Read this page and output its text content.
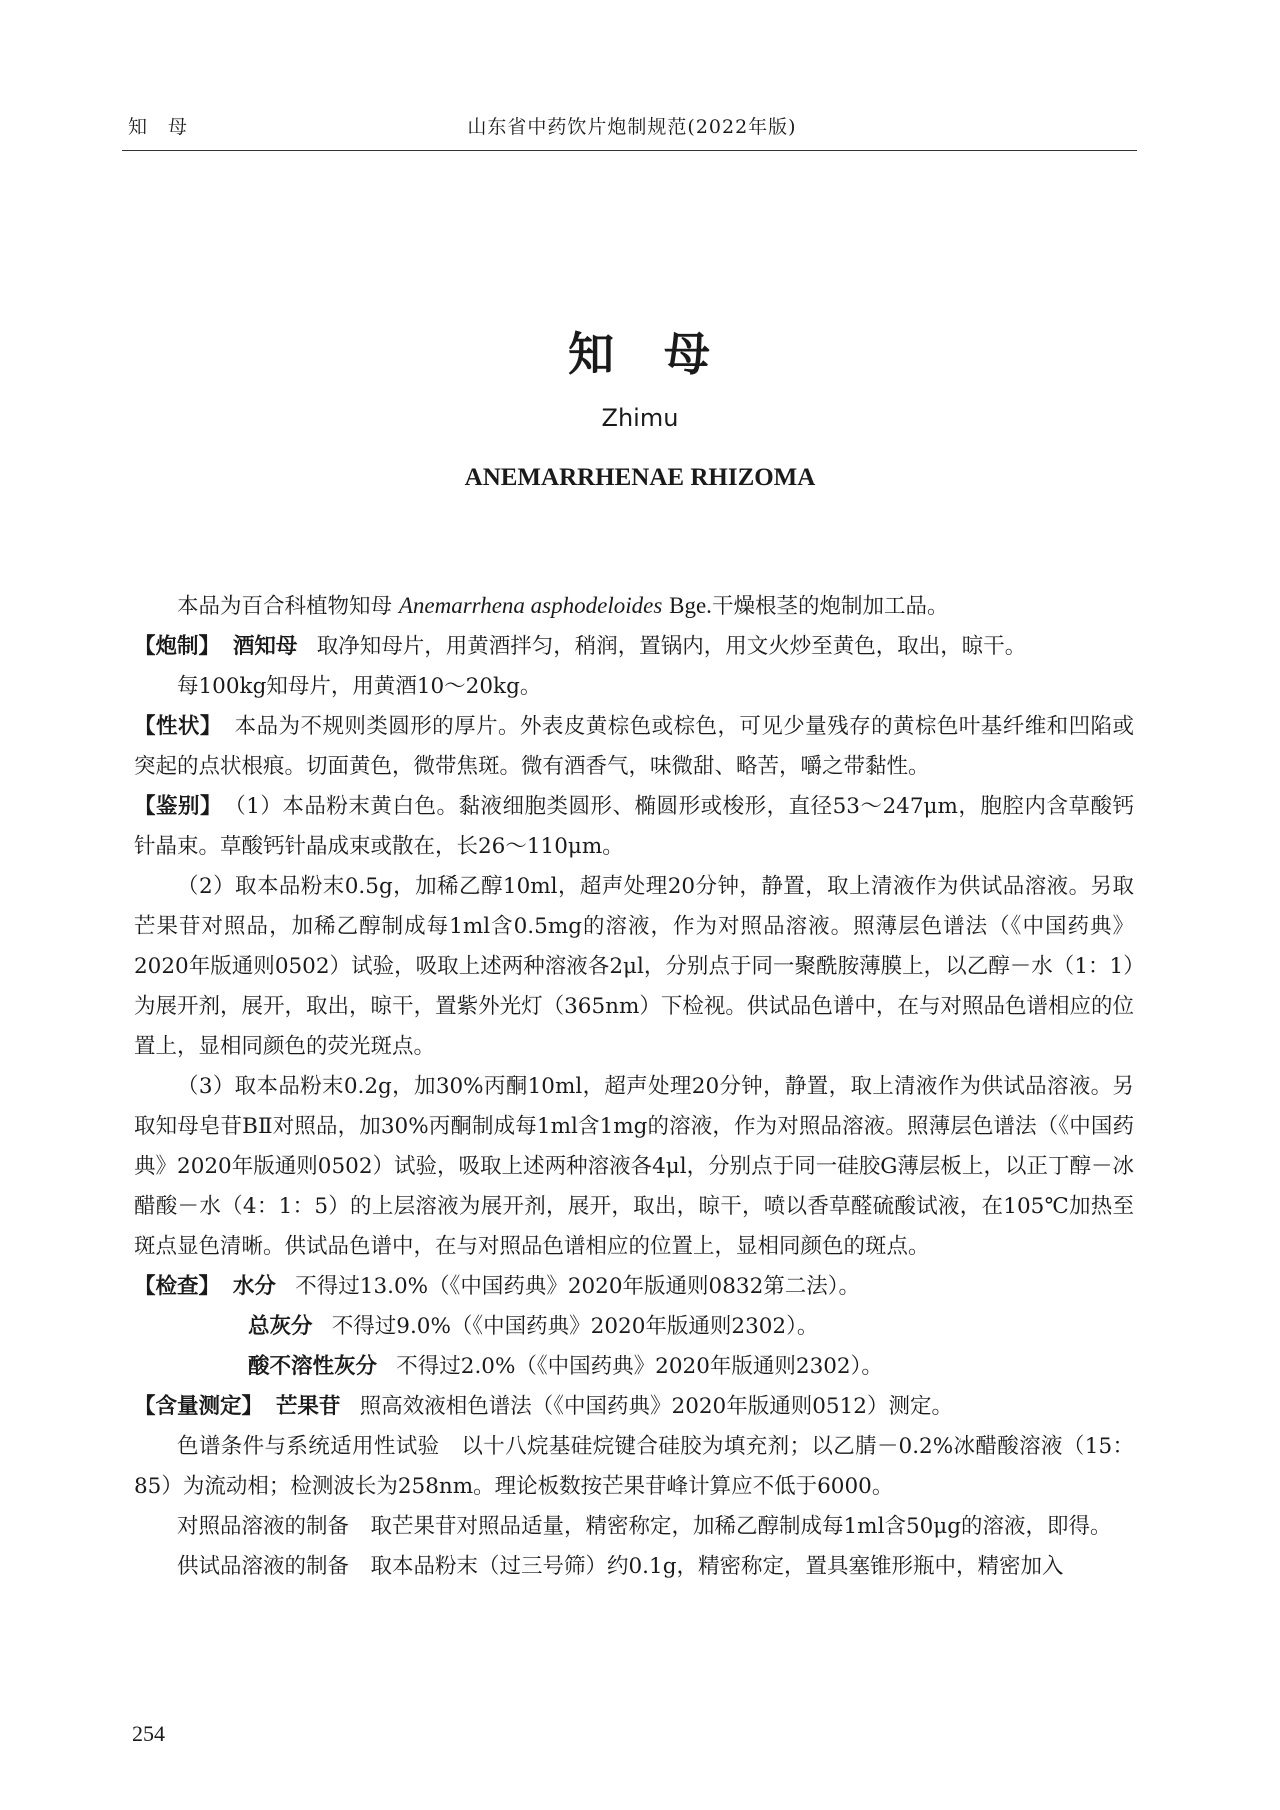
知　母	山东省中药饮片炮制规范(2022年版)
知　母
Zhimu
ANEMARRHENAE RHIZOMA

本品为百合科植物知母 Anemarrhena asphodeloides Bge.干燥根茎的炮制加工品。

【炮制】 酒知母 取净知母片，用黄酒拌匀，稍润，置锅内，用文火炒至黄色，取出，晾干。

每100kg知母片，用黄酒10～20kg。

【性状】 本品为不规则类圆形的厚片。外表皮黄棕色或棕色，可见少量残存的黄棕色叶基纤维和凹陷或突起的点状根痕。切面黄色，微带焦斑。微有酒香气，味微甜、略苦，嚼之带黏性。

【鉴别】 （1）本品粉末黄白色。黏液细胞类圆形、椭圆形或梭形，直径53～247μm，胞腔内含草酸钙针晶束。草酸钙针晶成束或散在，长26～110μm。

（2）取本品粉末0.5g，加稀乙醇10ml，超声处理20分钟，静置，取上清液作为供试品溶液。另取芒果苷对照品，加稀乙醇制成每1ml含0.5mg的溶液，作为对照品溶液。照薄层色谱法（《中国药典》2020年版通则0502）试验，吸取上述两种溶液各2μl，分别点于同一聚酰胺薄膜上，以乙醇－水（1：1）为展开剂，展开，取出，晾干，置紫外光灯（365nm）下检视。供试品色谱中，在与对照品色谱相应的位置上，显相同颜色的荧光斑点。

（3）取本品粉末0.2g，加30%丙酮10ml，超声处理20分钟，静置，取上清液作为供试品溶液。另取知母皂苷BⅡ对照品，加30%丙酮制成每1ml含1mg的溶液，作为对照品溶液。照薄层色谱法（《中国药典》2020年版通则0502）试验，吸取上述两种溶液各4μl，分别点于同一硅胶G薄层板上，以正丁醇－冰醋酸－水（4：1：5）的上层溶液为展开剂，展开，取出，晾干，喷以香草醛硫酸试液，在105℃加热至斑点显色清晰。供试品色谱中，在与对照品色谱相应的位置上，显相同颜色的斑点。

【检查】 水分 不得过13.0%（《中国药典》2020年版通则0832第二法）。

总灰分 不得过9.0%（《中国药典》2020年版通则2302）。

酸不溶性灰分 不得过2.0%（《中国药典》2020年版通则2302）。

【含量测定】 芒果苷 照高效液相色谱法（《中国药典》2020年版通则0512）测定。

色谱条件与系统适用性试验　以十八烷基硅烷键合硅胶为填充剂；以乙腈－0.2%冰醋酸溶液（15：85）为流动相；检测波长为258nm。理论板数按芒果苷峰计算应不低于6000。

对照品溶液的制备　取芒果苷对照品适量，精密称定，加稀乙醇制成每1ml含50μg的溶液，即得。

供试品溶液的制备　取本品粉末（过三号筛）约0.1g，精密称定，置具塞锥形瓶中，精密加入

254
